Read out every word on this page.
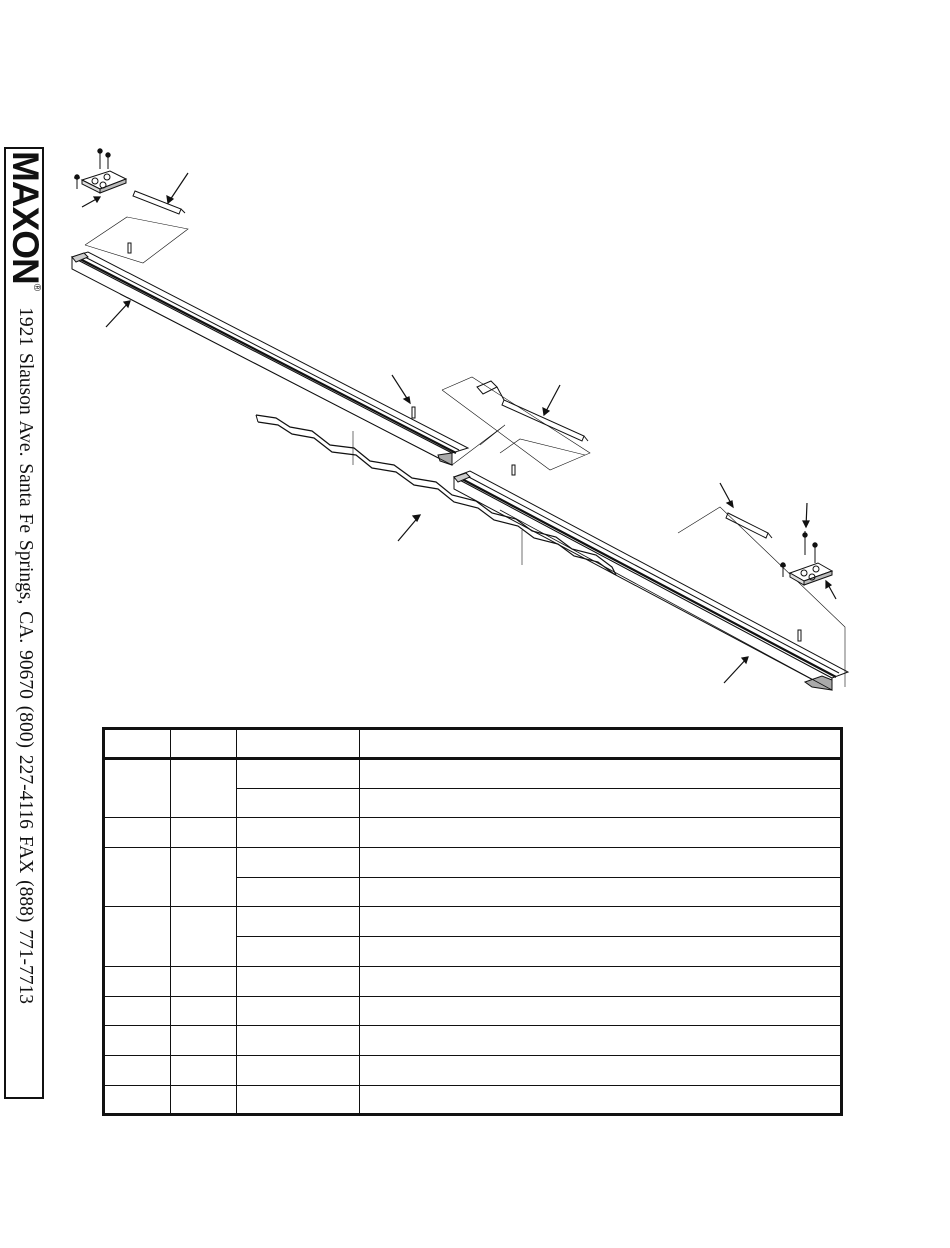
MAXON
®
1921 Slauson Ave. Santa Fe Springs, CA. 90670 (800) 227-4116 FAX (888) 771-7713
